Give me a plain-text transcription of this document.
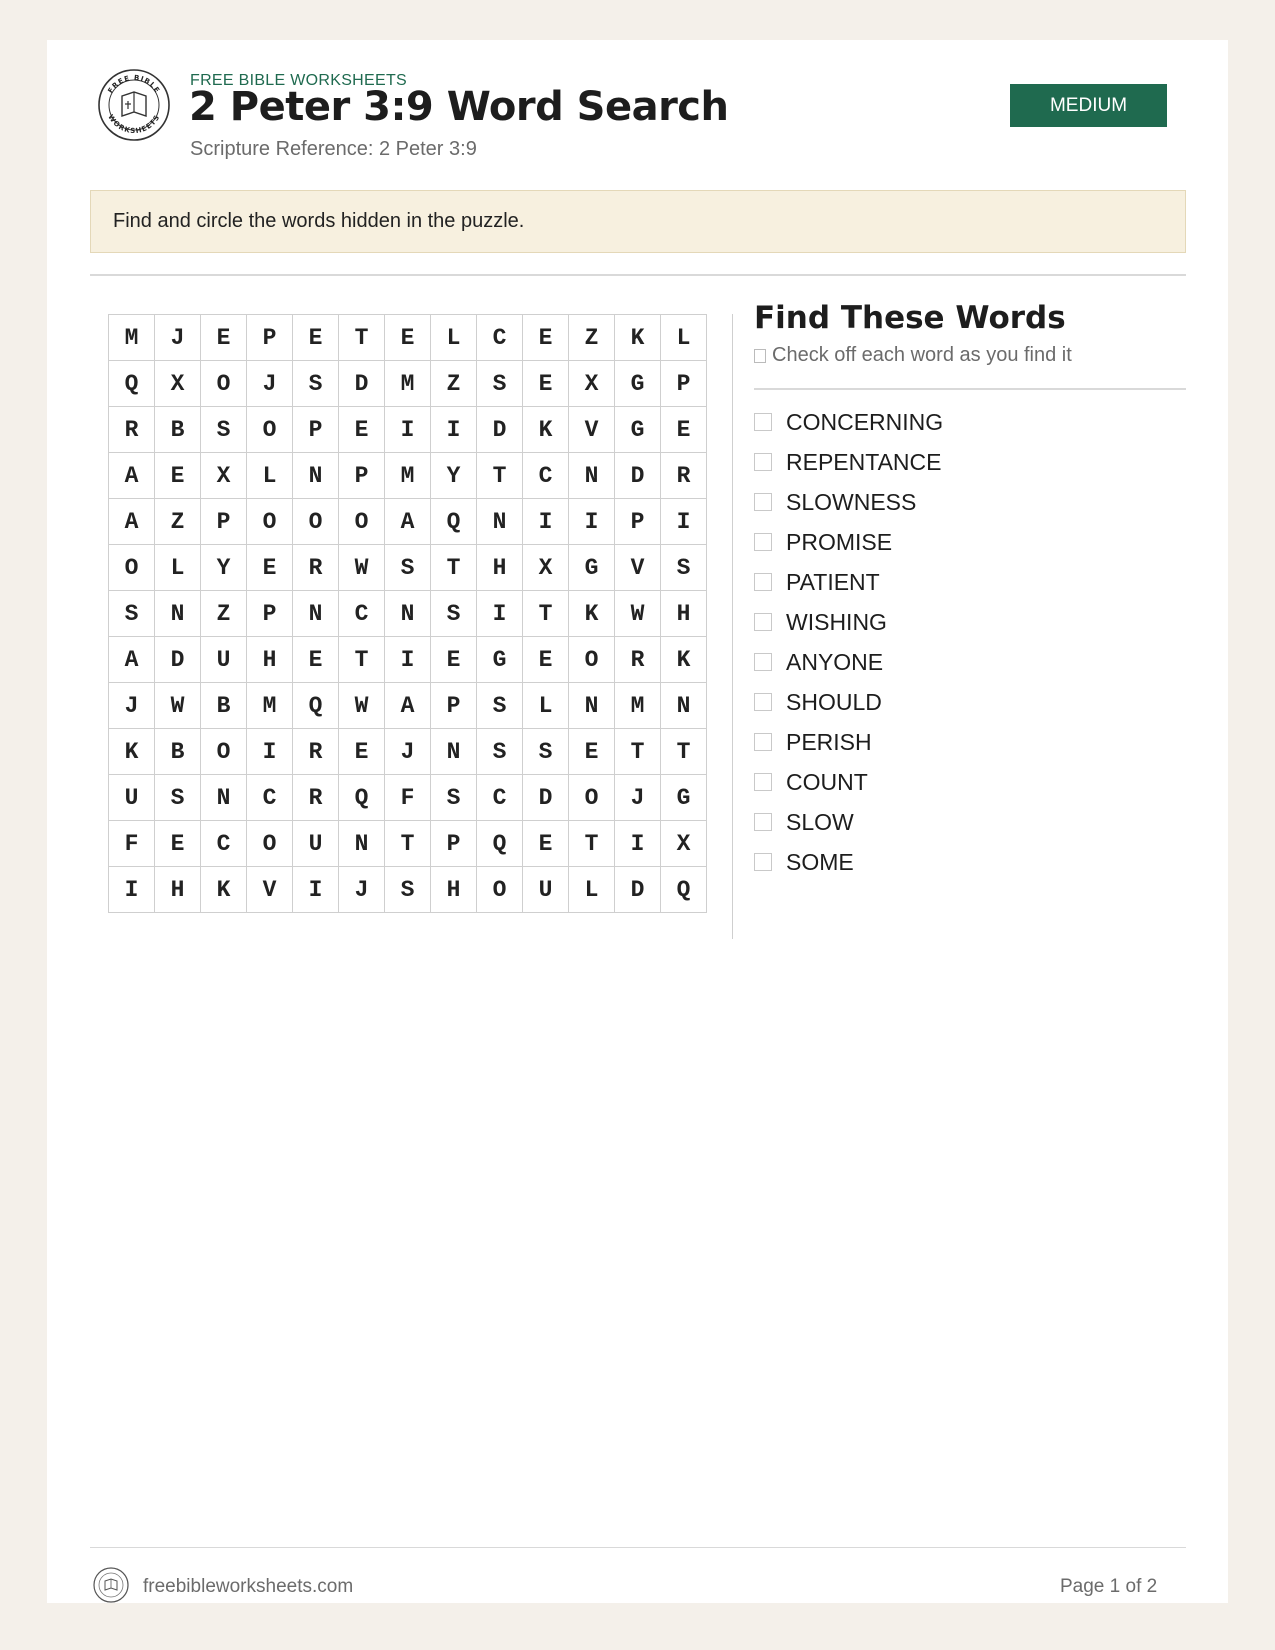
FREE BIBLE
WORKSHEETS
FREE BIBLE WORKSHEETS
2 Peter 3:9 Word Search
Scripture Reference: 2 Peter 3:9
MEDIUM
Find and circle the words hidden in the puzzle.
M	J	E	P	E	T	E	L	C	E	Z	K	L
Q	X	O	J	S	D	M	Z	S	E	X	G	P
R	B	S	O	P	E	I	I	D	K	V	G	E
A	E	X	L	N	P	M	Y	T	C	N	D	R
A	Z	P	O	O	O	A	Q	N	I	I	P	I
O	L	Y	E	R	W	S	T	H	X	G	V	S
S	N	Z	P	N	C	N	S	I	T	K	W	H
A	D	U	H	E	T	I	E	G	E	O	R	K
J	W	B	M	Q	W	A	P	S	L	N	M	N
K	B	O	I	R	E	J	N	S	S	E	T	T
U	S	N	C	R	Q	F	S	C	D	O	J	G
F	E	C	O	U	N	T	P	Q	E	T	I	X
I	H	K	V	I	J	S	H	O	U	L	D	Q
Find These Words
Check off each word as you find it
CONCERNING
REPENTANCE
SLOWNESS
PROMISE
PATIENT
WISHING
ANYONE
SHOULD
PERISH
COUNT
SLOW
SOME
freebibleworksheets.com	Page 1 of 2
